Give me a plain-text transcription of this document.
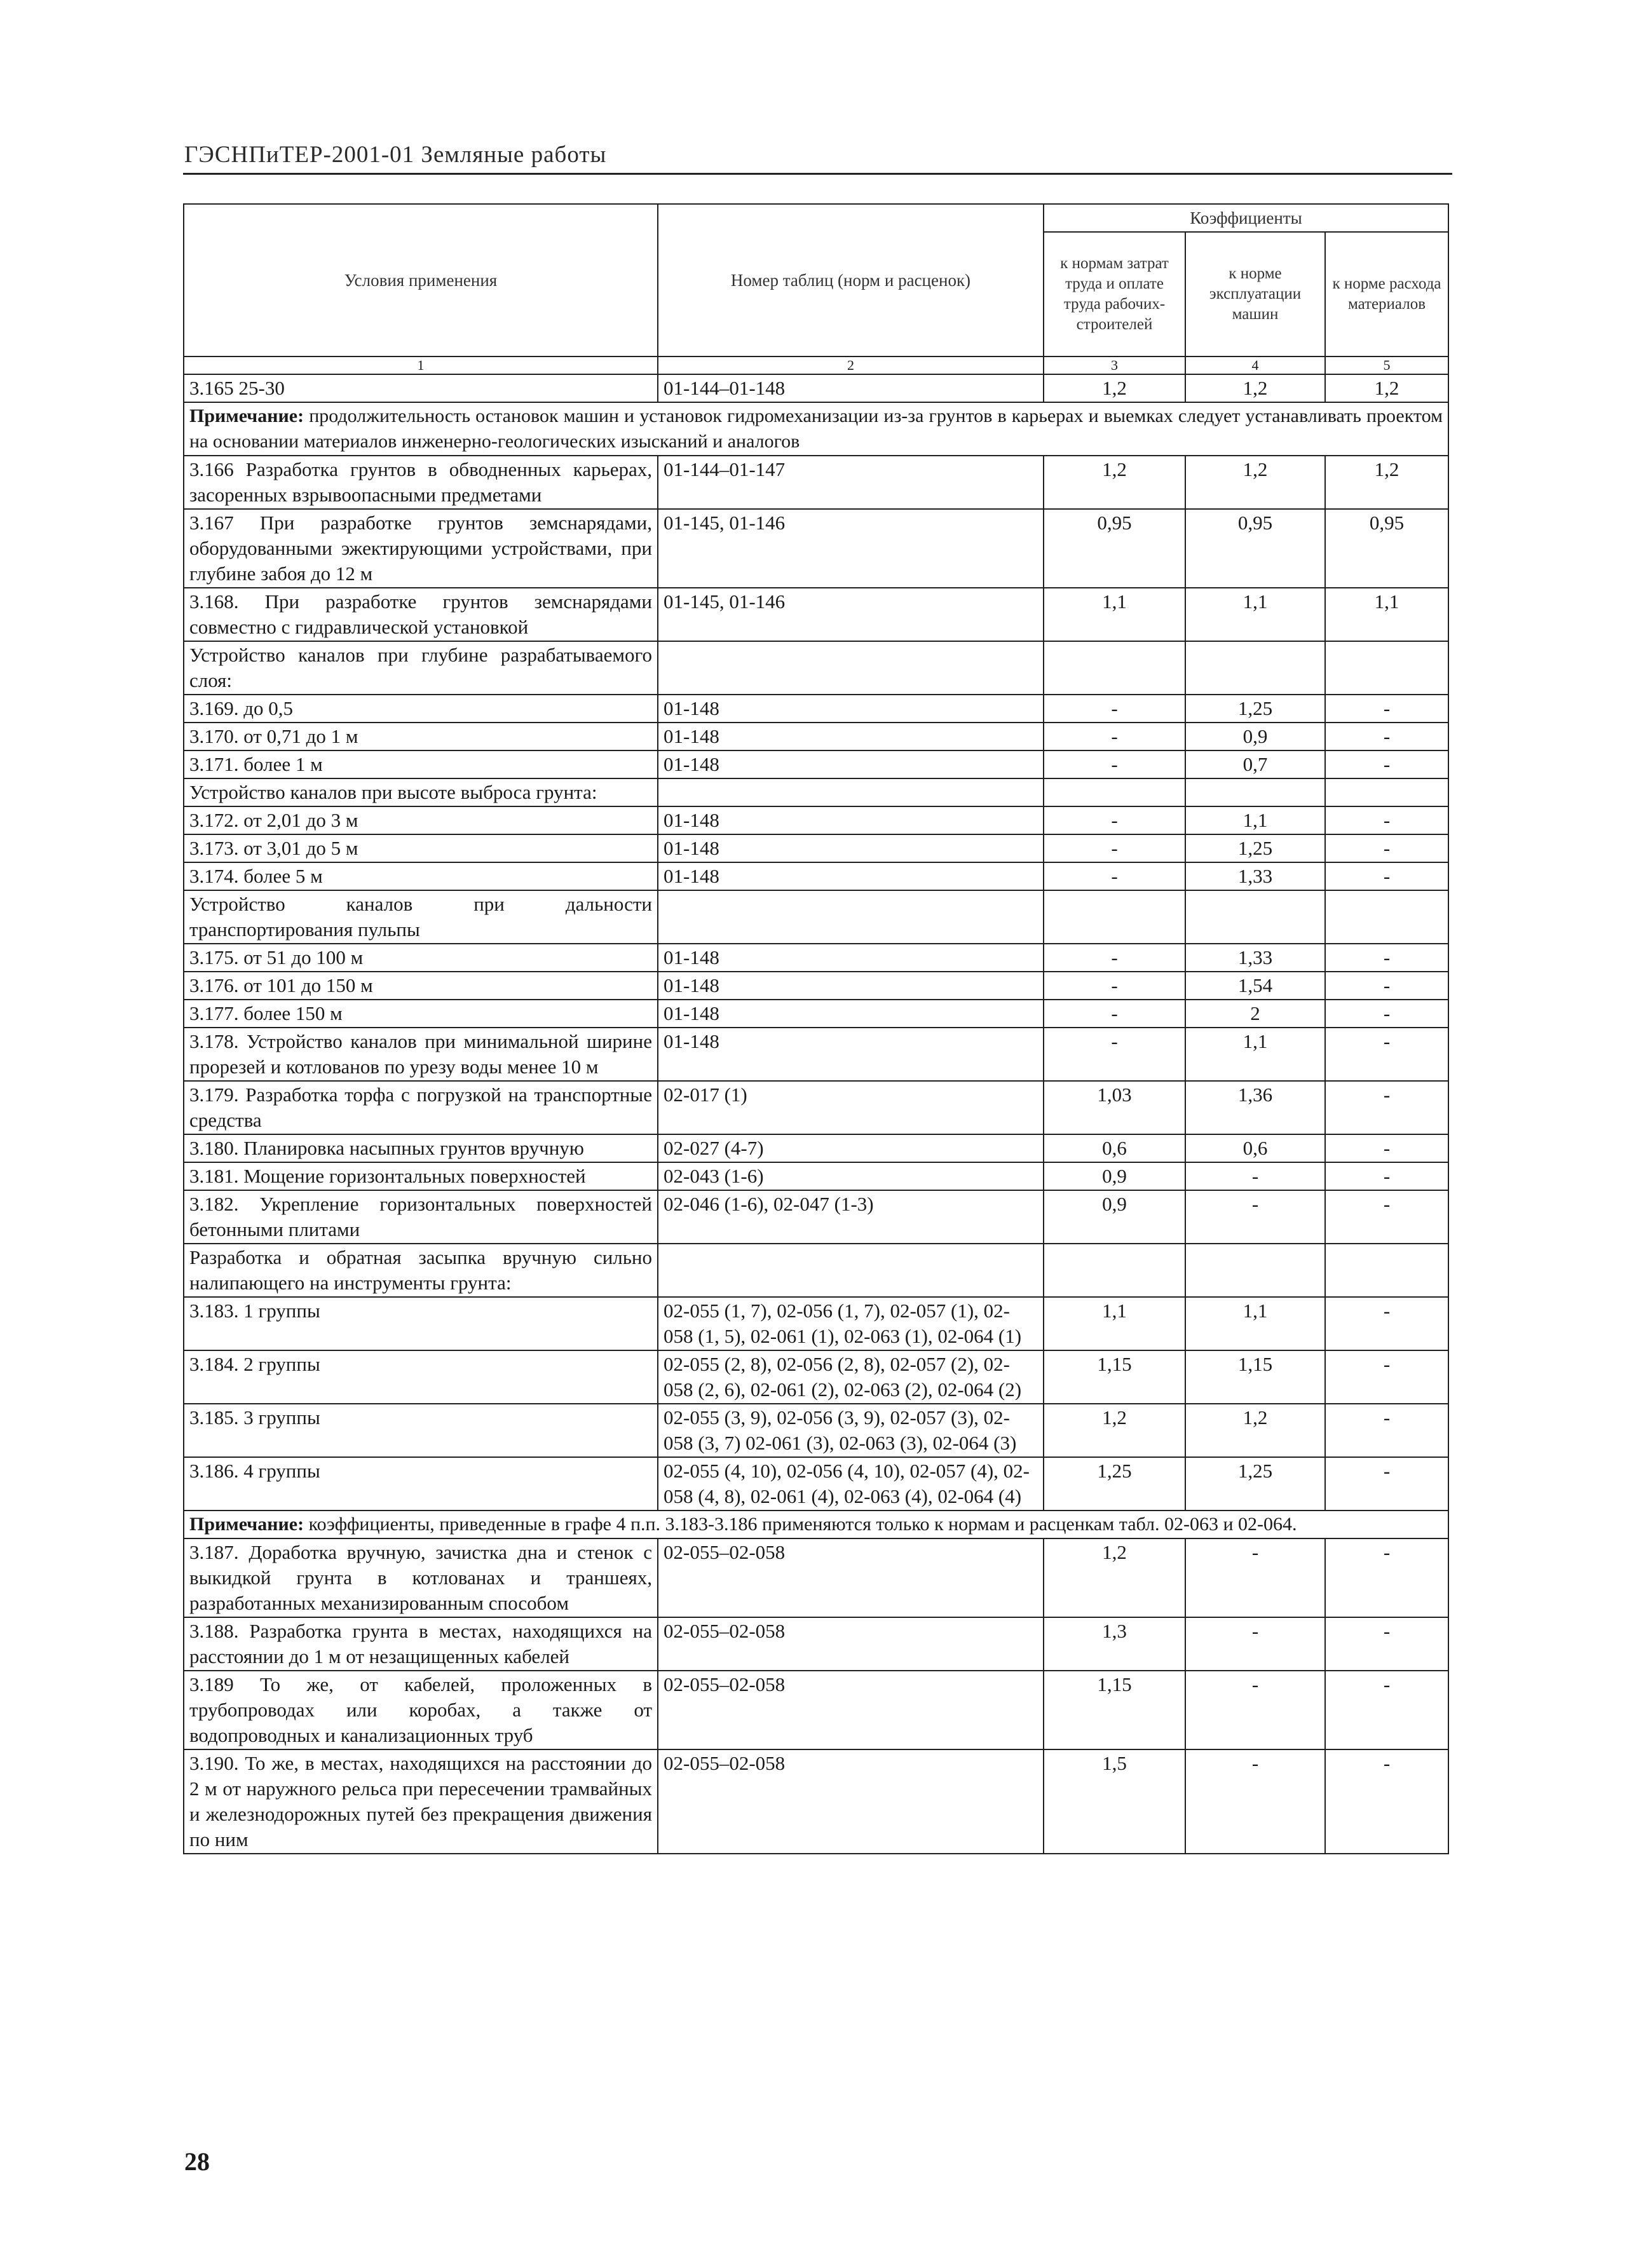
ГЭСНПиТЕР-2001-01 Земляные работы
Условия применения	Номер таблиц (норм и расценок)	Коэффициенты		
		к нормам затрат труда и оплате труда рабочих-строителей	к норме эксплуатации машин	к норме расхода материалов
1	2	3	4	5
3.165 25-30	01-144–01-148	1,2	1,2	1,2
Примечание: продолжительность остановок машин и установок гидромеханизации из-за грунтов в карьерах и выемках следует устанавливать проектом на основании материалов инженерно-геологических изысканий и аналогов				
3.166 Разработка грунтов в обводненных карьерах, засоренных взрывоопасными предметами	01-144–01-147	1,2	1,2	1,2
3.167 При разработке грунтов земснарядами, оборудованными эжектирующими устройствами, при глубине забоя до 12 м	01-145, 01-146	0,95	0,95	0,95
3.168. При разработке грунтов земснарядами совместно с гидравлической установкой	01-145, 01-146	1,1	1,1	1,1
Устройство каналов при глубине разрабатываемого слоя:				
3.169. до 0,5	01-148	-	1,25	-
3.170. от 0,71 до 1 м	01-148	-	0,9	-
3.171. более 1 м	01-148	-	0,7	-
Устройство каналов при высоте выброса грунта:				
3.172. от 2,01 до 3 м	01-148	-	1,1	-
3.173. от 3,01 до 5 м	01-148	-	1,25	-
3.174. более 5 м	01-148	-	1,33	-
Устройство каналов при дальности транспортирования пульпы				
3.175. от 51 до 100 м	01-148	-	1,33	-
3.176. от 101 до 150 м	01-148	-	1,54	-
3.177. более 150 м	01-148	-	2	-
3.178. Устройство каналов при минимальной ширине прорезей и котлованов по урезу воды менее 10 м	01-148	-	1,1	-
3.179. Разработка торфа с погрузкой на транспортные средства	02-017 (1)	1,03	1,36	-
3.180. Планировка насыпных грунтов вручную	02-027 (4-7)	0,6	0,6	-
3.181. Мощение горизонтальных поверхностей	02-043 (1-6)	0,9	-	-
3.182. Укрепление горизонтальных поверхностей бетонными плитами	02-046 (1-6), 02-047 (1-3)	0,9	-	-
Разработка и обратная засыпка вручную сильно налипающего на инструменты грунта:				
3.183. 1 группы	02-055 (1, 7), 02-056 (1, 7), 02-057 (1), 02-058 (1, 5), 02-061 (1), 02-063 (1), 02-064 (1)	1,1	1,1	-
3.184. 2 группы	02-055 (2, 8), 02-056 (2, 8), 02-057 (2), 02-058 (2, 6), 02-061 (2), 02-063 (2), 02-064 (2)	1,15	1,15	-
3.185. 3 группы	02-055 (3, 9), 02-056 (3, 9), 02-057 (3), 02-058 (3, 7) 02-061 (3), 02-063 (3), 02-064 (3)	1,2	1,2	-
3.186. 4 группы	02-055 (4, 10), 02-056 (4, 10), 02-057 (4), 02-058 (4, 8), 02-061 (4), 02-063 (4), 02-064 (4)	1,25	1,25	-
Примечание: коэффициенты, приведенные в графе 4 п.п. 3.183-3.186 применяются только к нормам и расценкам табл. 02-063 и 02-064.				
3.187. Доработка вручную, зачистка дна и стенок с выкидкой грунта в котлованах и траншеях, разработанных механизированным способом	02-055–02-058	1,2	-	-
3.188. Разработка грунта в местах, находящихся на расстоянии до 1 м от незащищенных кабелей	02-055–02-058	1,3	-	-
3.189 То же, от кабелей, проложенных в трубопроводах или коробах, а также от водопроводных и канализационных труб	02-055–02-058	1,15	-	-
3.190. То же, в местах, находящихся на расстоянии до 2 м от наружного рельса при пересечении трамвайных и железнодорожных путей без прекращения движения по ним	02-055–02-058	1,5	-	-
28
